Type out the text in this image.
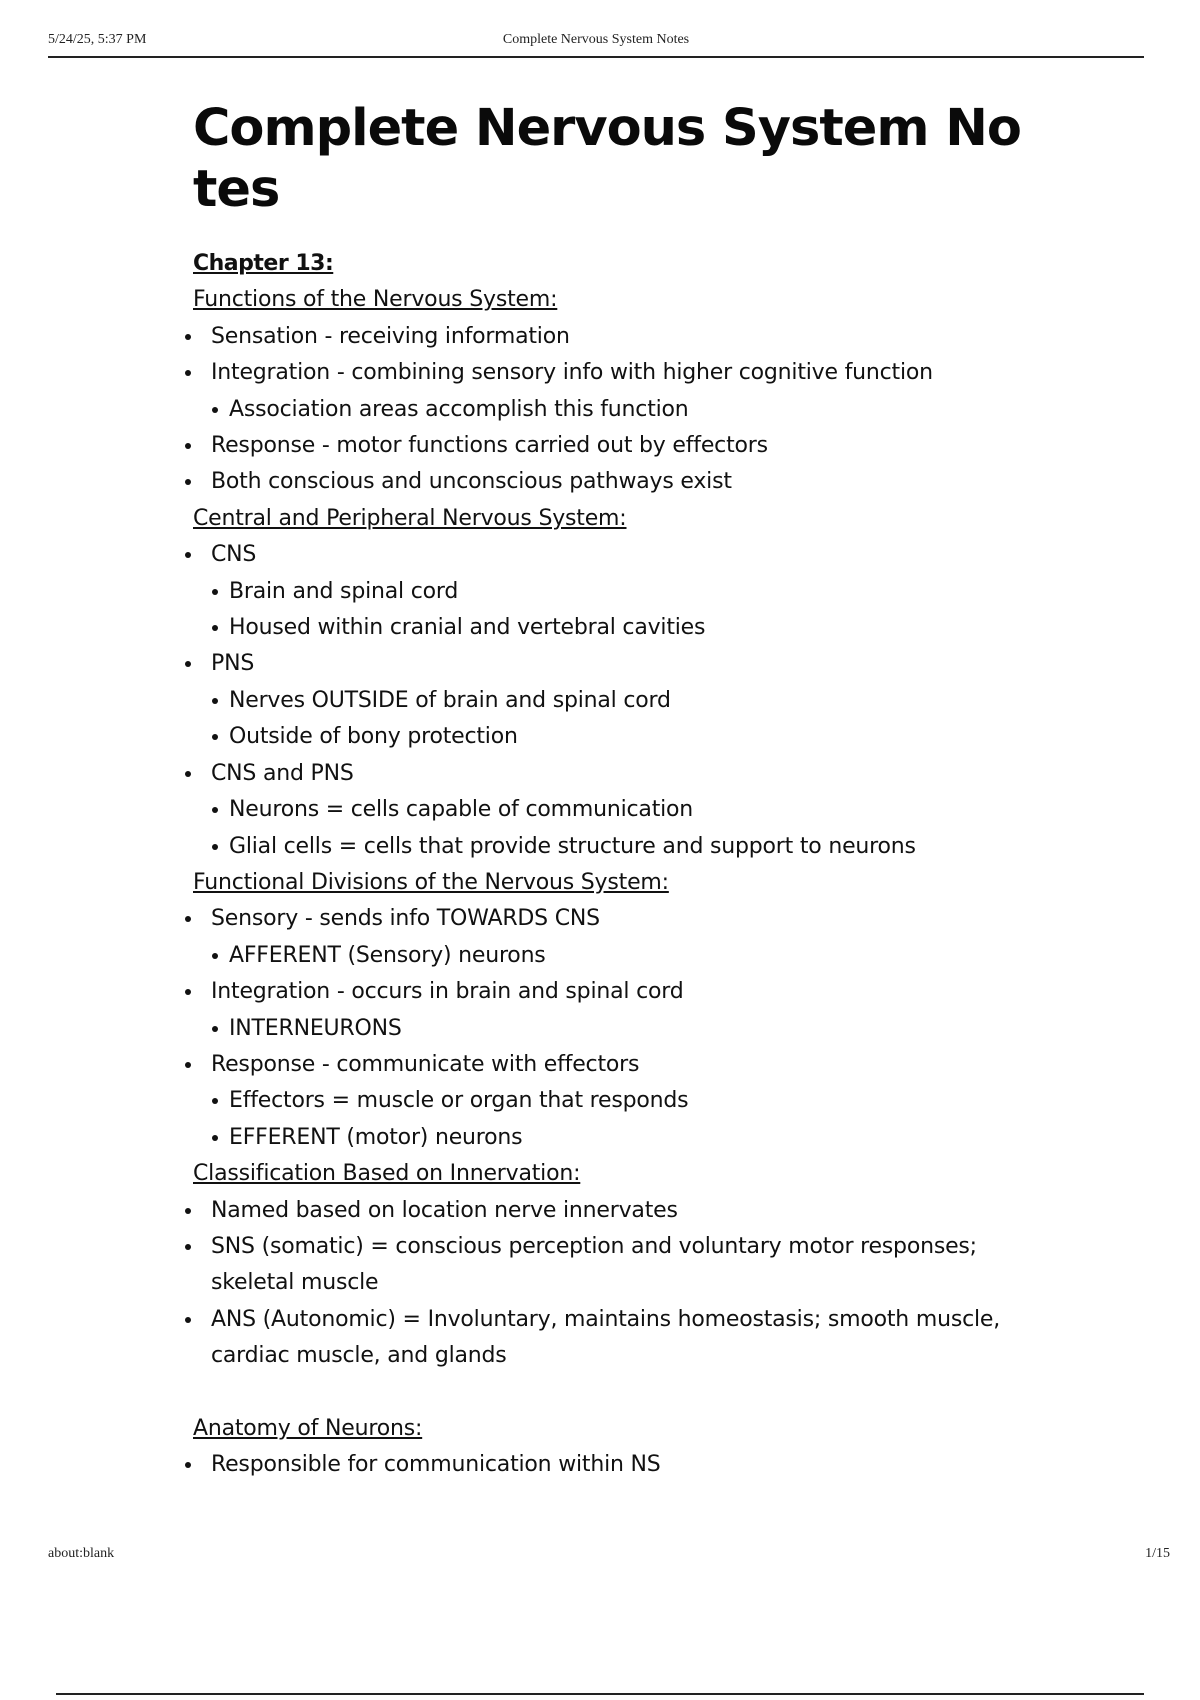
5/24/25, 5:37 PM	Complete Nervous System Notes
Complete Nervous System Notes
Chapter 13:
Functions of the Nervous System:
Sensation - receiving information
Integration - combining sensory info with higher cognitive function
Association areas accomplish this function
Response - motor functions carried out by effectors
Both conscious and unconscious pathways exist
Central and Peripheral Nervous System:
CNS
Brain and spinal cord
Housed within cranial and vertebral cavities
PNS
Nerves OUTSIDE of brain and spinal cord
Outside of bony protection
CNS and PNS
Neurons = cells capable of communication
Glial cells = cells that provide structure and support to neurons
Functional Divisions of the Nervous System:
Sensory - sends info TOWARDS CNS
AFFERENT (Sensory) neurons
Integration - occurs in brain and spinal cord
INTERNEURONS
Response - communicate with effectors
Effectors = muscle or organ that responds
EFFERENT (motor) neurons
Classification Based on Innervation:
Named based on location nerve innervates
SNS (somatic) = conscious perception and voluntary motor responses; skeletal muscle
ANS (Autonomic) = Involuntary, maintains homeostasis; smooth muscle, cardiac muscle, and glands
Anatomy of Neurons:
Responsible for communication within NS
about:blank	1/15
